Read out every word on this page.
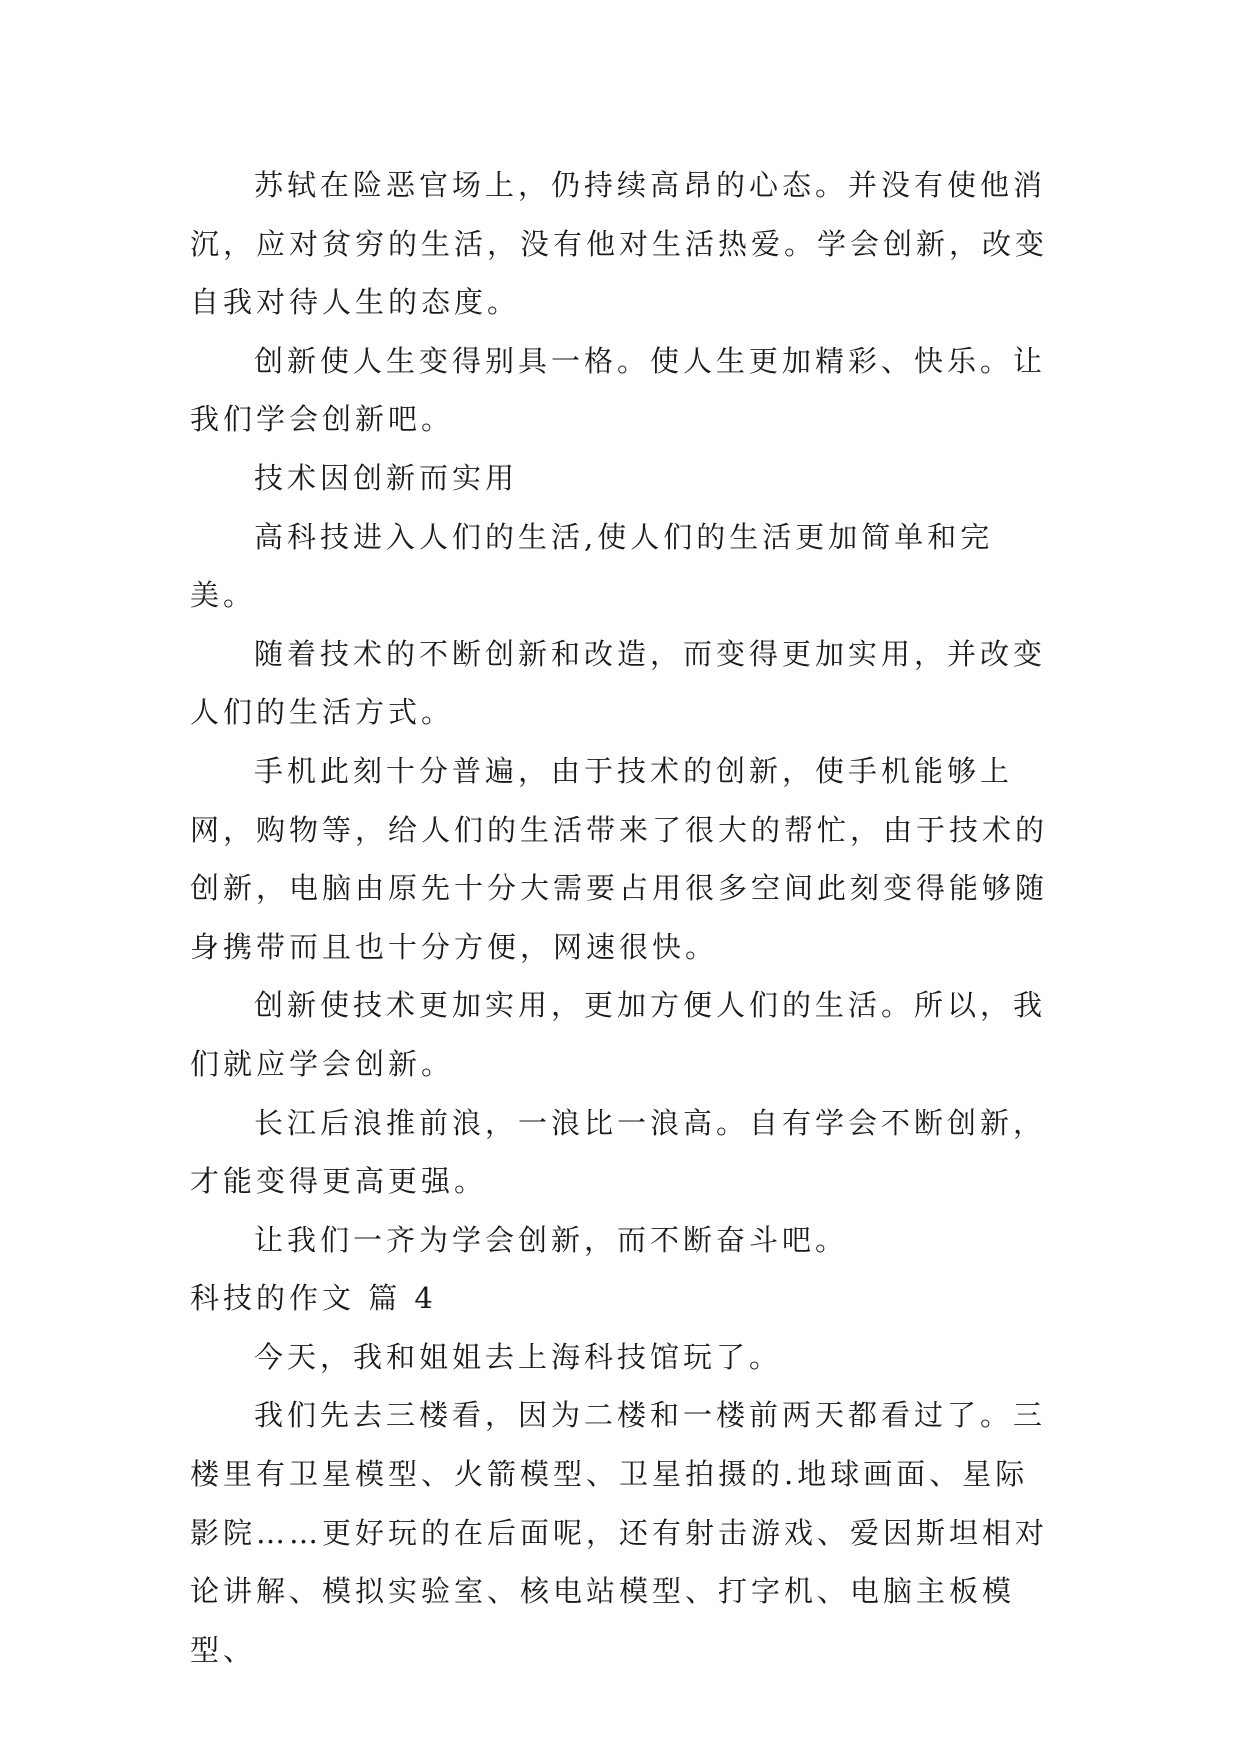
苏轼在险恶官场上，仍持续高昂的心态。并没有使他消沉，应对贫穷的生活，没有他对生活热爱。学会创新，改变自我对待人生的态度。

创新使人生变得别具一格。使人生更加精彩、快乐。让我们学会创新吧。

技术因创新而实用

高科技进入人们的生活,使人们的生活更加简单和完美。

随着技术的不断创新和改造，而变得更加实用，并改变人们的生活方式。

手机此刻十分普遍，由于技术的创新，使手机能够上网，购物等，给人们的生活带来了很大的帮忙，由于技术的创新，电脑由原先十分大需要占用很多空间此刻变得能够随身携带而且也十分方便，网速很快。

创新使技术更加实用，更加方便人们的生活。所以，我们就应学会创新。

长江后浪推前浪，一浪比一浪高。自有学会不断创新，才能变得更高更强。

让我们一齐为学会创新，而不断奋斗吧。

科技的作文 篇 4

今天，我和姐姐去上海科技馆玩了。

我们先去三楼看，因为二楼和一楼前两天都看过了。三楼里有卫星模型、火箭模型、卫星拍摄的.地球画面、星际影院……更好玩的在后面呢，还有射击游戏、爱因斯坦相对论讲解、模拟实验室、核电站模型、打字机、电脑主板模型、
